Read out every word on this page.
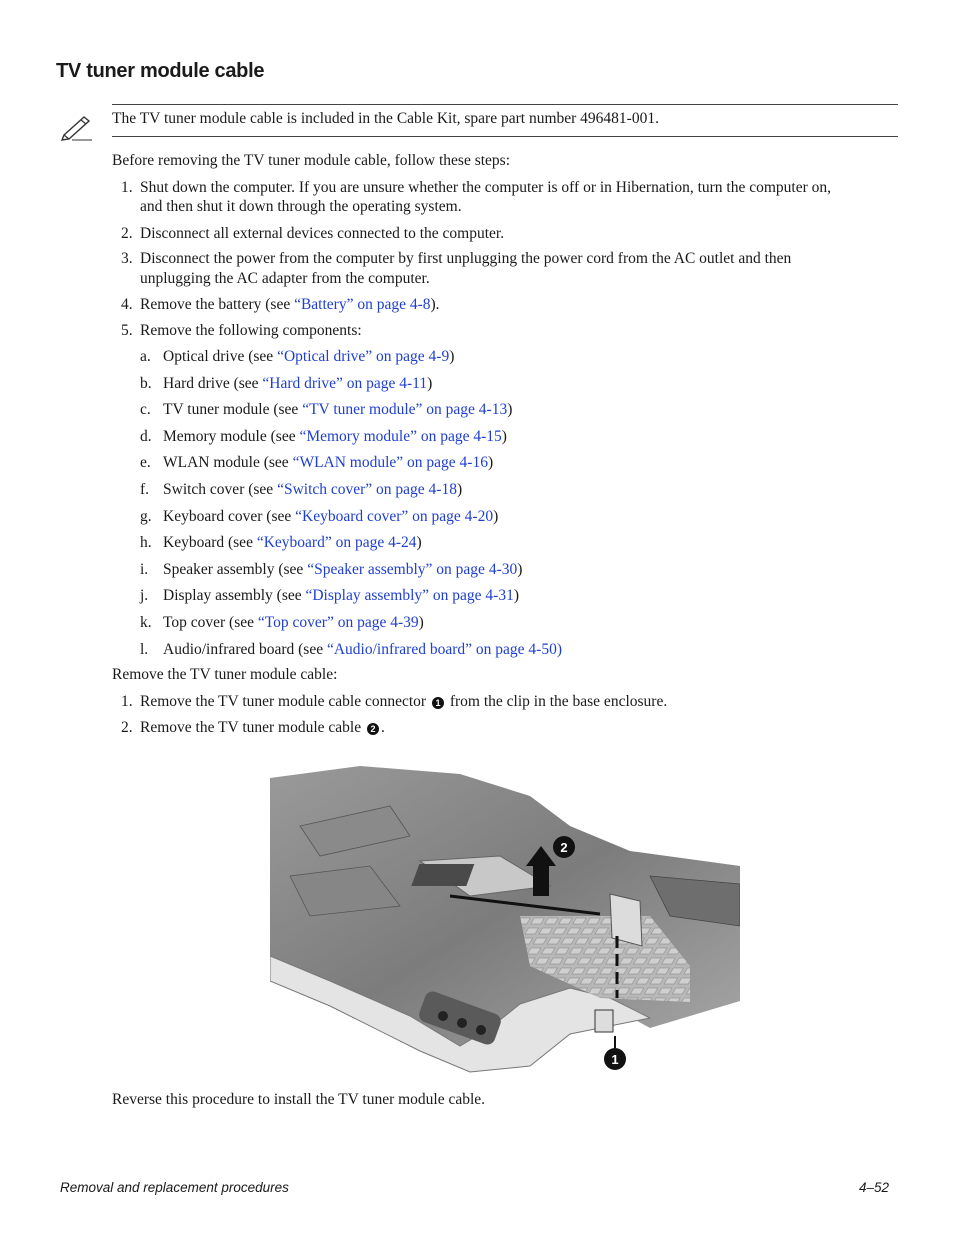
TV tuner module cable
The TV tuner module cable is included in the Cable Kit, spare part number 496481-001.
Before removing the TV tuner module cable, follow these steps:
1. Shut down the computer. If you are unsure whether the computer is off or in Hibernation, turn the computer on,
and then shut it down through the operating system.
2. Disconnect all external devices connected to the computer.
3. Disconnect the power from the computer by first unplugging the power cord from the AC outlet and then
unplugging the AC adapter from the computer.
4. Remove the battery (see “Battery” on page 4-8).
5. Remove the following components:
a. Optical drive (see “Optical drive” on page 4-9)
b. Hard drive (see “Hard drive” on page 4-11)
c. TV tuner module (see “TV tuner module” on page 4-13)
d. Memory module (see “Memory module” on page 4-15)
e. WLAN module (see “WLAN module” on page 4-16)
f. Switch cover (see “Switch cover” on page 4-18)
g. Keyboard cover (see “Keyboard cover” on page 4-20)
h. Keyboard (see “Keyboard” on page 4-24)
i. Speaker assembly (see “Speaker assembly” on page 4-30)
j. Display assembly (see “Display assembly” on page 4-31)
k. Top cover (see “Top cover” on page 4-39)
l. Audio/infrared board (see “Audio/infrared board” on page 4-50)
Remove the TV tuner module cable:
1. Remove the TV tuner module cable connector 1 from the clip in the base enclosure.
2. Remove the TV tuner module cable 2 .
2
1
Reverse this procedure to install the TV tuner module cable.
Removal and replacement procedures	4–52
